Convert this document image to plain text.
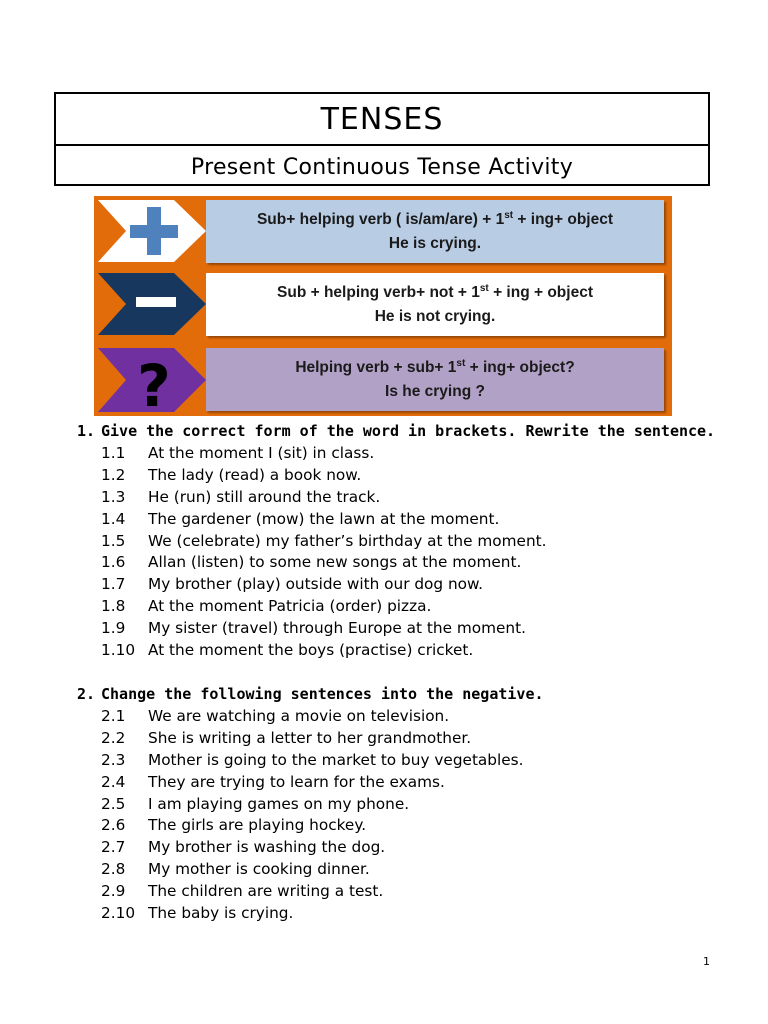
TENSES
Present Continuous Tense Activity
Sub+ helping verb ( is/am/are) + 1st + ing+ object
He is crying.
Sub + helping verb+ not + 1st + ing + object
He is not crying.
?	Helping verb + sub+ 1st + ing+ object?
Is he crying ?
1. Give the correct form of the word in brackets. Rewrite the sentence.
1.1	At the moment I (sit) in class.
1.2	The lady (read) a book now.
1.3	He (run) still around the track.
1.4	The gardener (mow) the lawn at the moment.
1.5	We (celebrate) my father’s birthday at the moment.
1.6	Allan (listen) to some new songs at the moment.
1.7	My brother (play) outside with our dog now.
1.8	At the moment Patricia (order) pizza.
1.9	My sister (travel) through Europe at the moment.
1.10 At the moment the boys (practise) cricket.
2. Change the following sentences into the negative.
2.1	We are watching a movie on television.
2.2	She is writing a letter to her grandmother.
2.3	Mother is going to the market to buy vegetables.
2.4	They are trying to learn for the exams.
2.5	I am playing games on my phone.
2.6	The girls are playing hockey.
2.7	My brother is washing the dog.
2.8	My mother is cooking dinner.
2.9	The children are writing a test.
2.10 The baby is crying.
1
